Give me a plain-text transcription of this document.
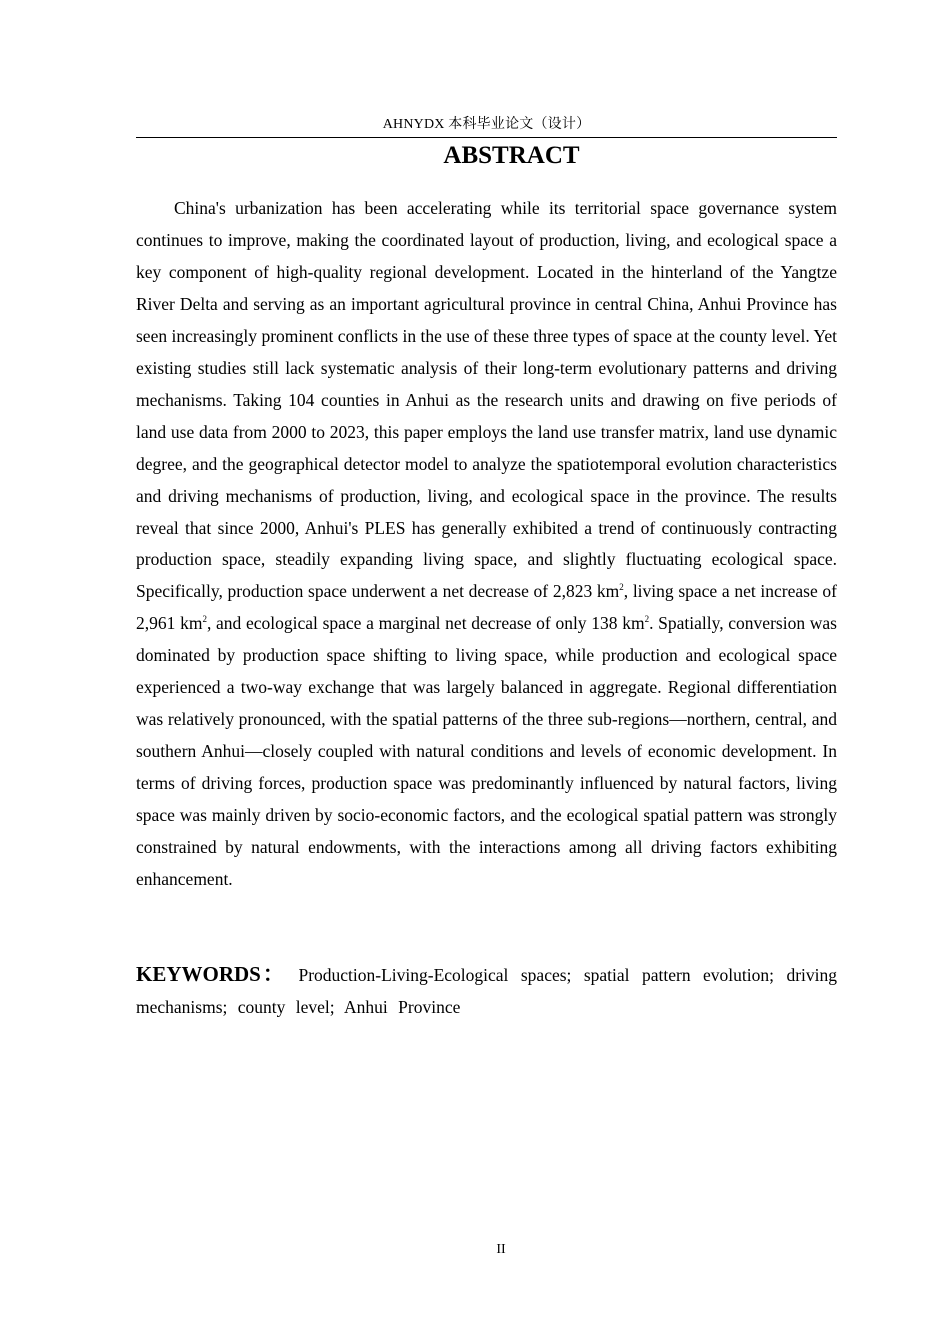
AHNYDX 本科毕业论文（设计）
ABSTRACT

China's urbanization has been accelerating while its territorial space governance system continues to improve, making the coordinated layout of production, living, and ecological space a key component of high-quality regional development. Located in the hinterland of the Yangtze River Delta and serving as an important agricultural province in central China, Anhui Province has seen increasingly prominent conflicts in the use of these three types of space at the county level. Yet existing studies still lack systematic analysis of their long-term evolutionary patterns and driving mechanisms. Taking 104 counties in Anhui as the research units and drawing on five periods of land use data from 2000 to 2023, this paper employs the land use transfer matrix, land use dynamic degree, and the geographical detector model to analyze the spatiotemporal evolution characteristics and driving mechanisms of production, living, and ecological space in the province. The results reveal that since 2000, Anhui's PLES has generally exhibited a trend of continuously contracting production space, steadily expanding living space, and slightly fluctuating ecological space. Specifically, production space underwent a net decrease of 2,823 $km^2$, living space a net increase of 2,961 $km^2$, and ecological space a marginal net decrease of only 138 $km^2$. Spatially, conversion was dominated by production space shifting to living space, while production and ecological space experienced a two-way exchange that was largely balanced in aggregate. Regional differentiation was relatively pronounced, with the spatial patterns of the three sub-regions—northern, central, and southern Anhui—closely coupled with natural conditions and levels of economic development. In terms of driving forces, production space was predominantly influenced by natural factors, living space was mainly driven by socio-economic factors, and the ecological spatial pattern was strongly constrained by natural endowments, with the interactions among all driving factors exhibiting enhancement.

KEYWORDS： Production-Living-Ecological spaces; spatial pattern evolution; driving mechanisms; county level; Anhui Province

II
